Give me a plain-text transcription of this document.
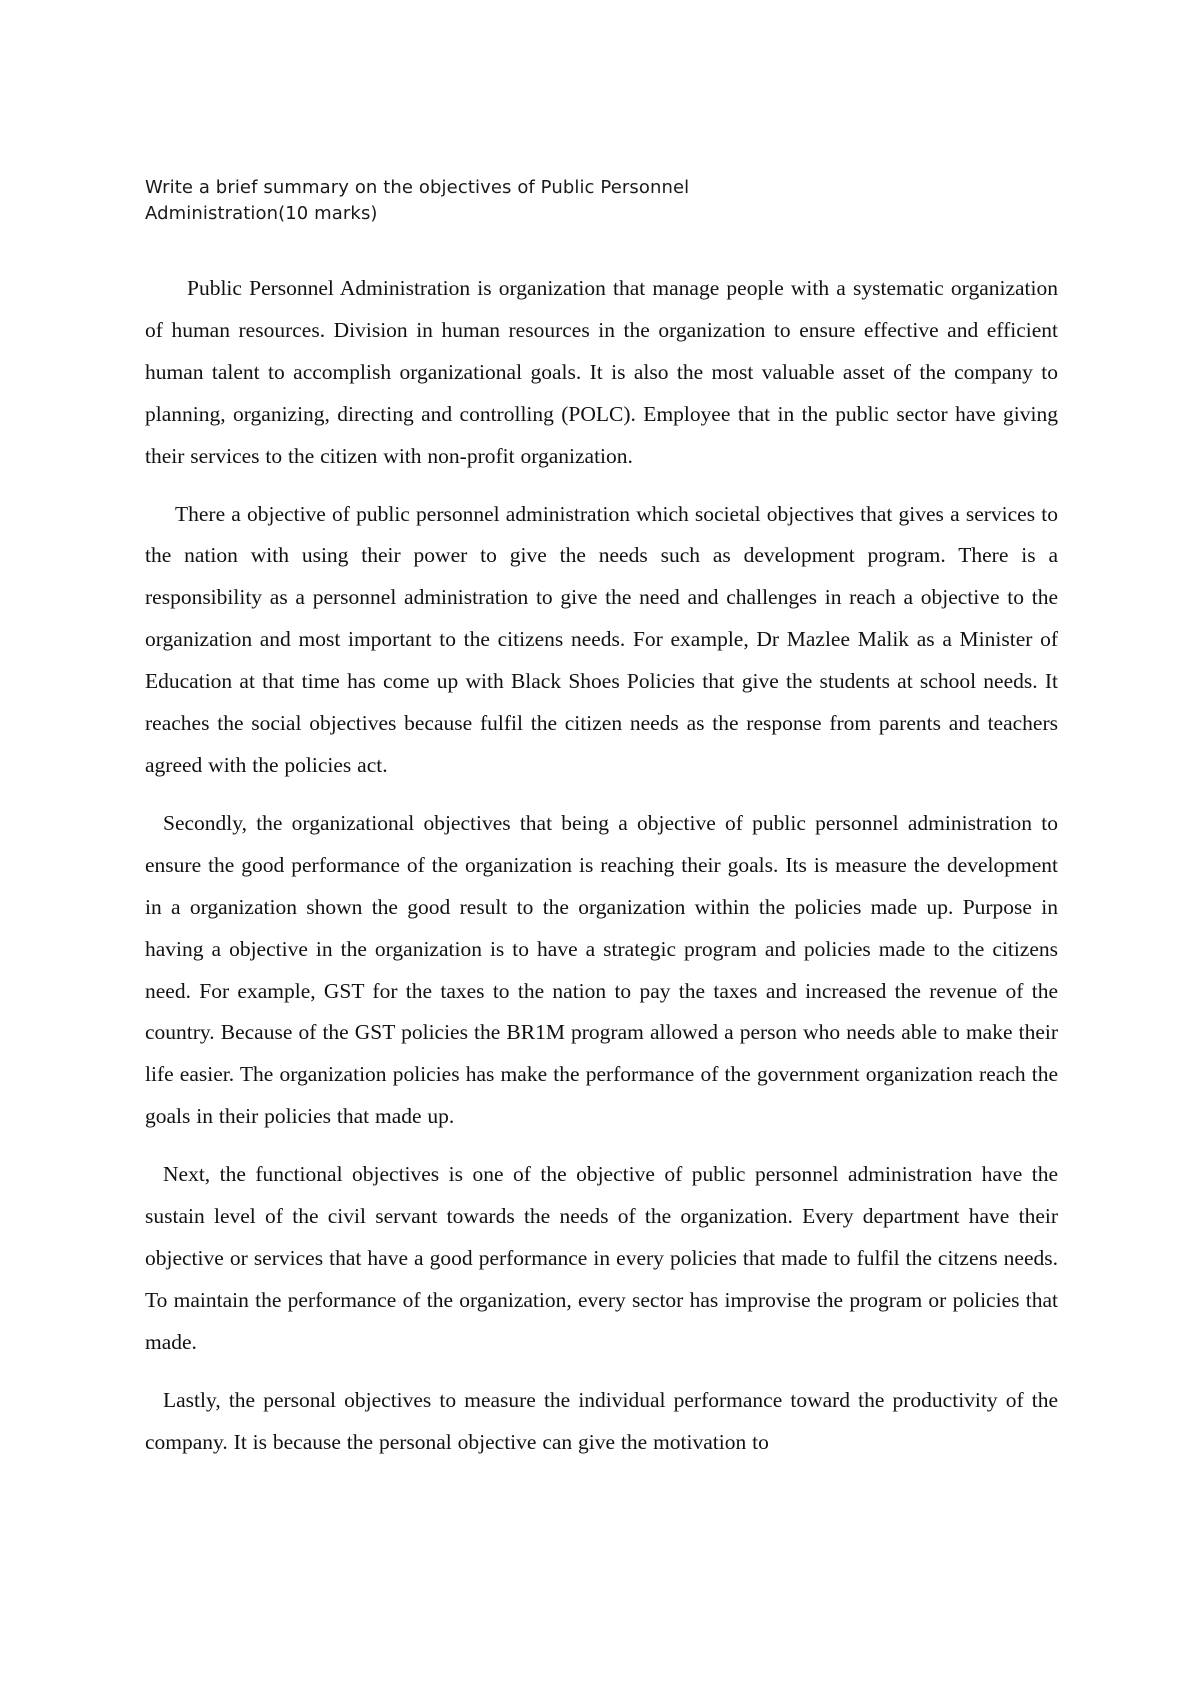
Write a brief summary on the objectives of Public Personnel
Administration(10 marks)

Public Personnel Administration is organization that manage people with a systematic organization of human resources. Division in human resources in the organization to ensure effective and efficient human talent to accomplish organizational goals. It is also the most valuable asset of the company to planning, organizing, directing and controlling (POLC). Employee that in the public sector have giving their services to the citizen with non-profit organization.

There a objective of public personnel administration which societal objectives that gives a services to the nation with using their power to give the needs such as development program. There is a responsibility as a personnel administration to give the need and challenges in reach a objective to the organization and most important to the citizens needs. For example, Dr Mazlee Malik as a Minister of Education at that time has come up with Black Shoes Policies that give the students at school needs. It reaches the social objectives because fulfil the citizen needs as the response from parents and teachers agreed with the policies act.

Secondly, the organizational objectives that being a objective of public personnel administration to ensure the good performance of the organization is reaching their goals. Its is measure the development in a organization shown the good result to the organization within the policies made up. Purpose in having a objective in the organization is to have a strategic program and policies made to the citizens need. For example, GST for the taxes to the nation to pay the taxes and increased the revenue of the country. Because of the GST policies the BR1M program allowed a person who needs able to make their life easier. The organization policies has make the performance of the government organization reach the goals in their policies that made up.

Next, the functional objectives is one of the objective of public personnel administration have the sustain level of the civil servant towards the needs of the organization. Every department have their objective or services that have a good performance in every policies that made to fulfil the citzens needs. To maintain the performance of the organization, every sector has improvise the program or policies that made.

Lastly, the personal objectives to measure the individual performance toward the productivity of the company. It is because the personal objective can give the motivation to
